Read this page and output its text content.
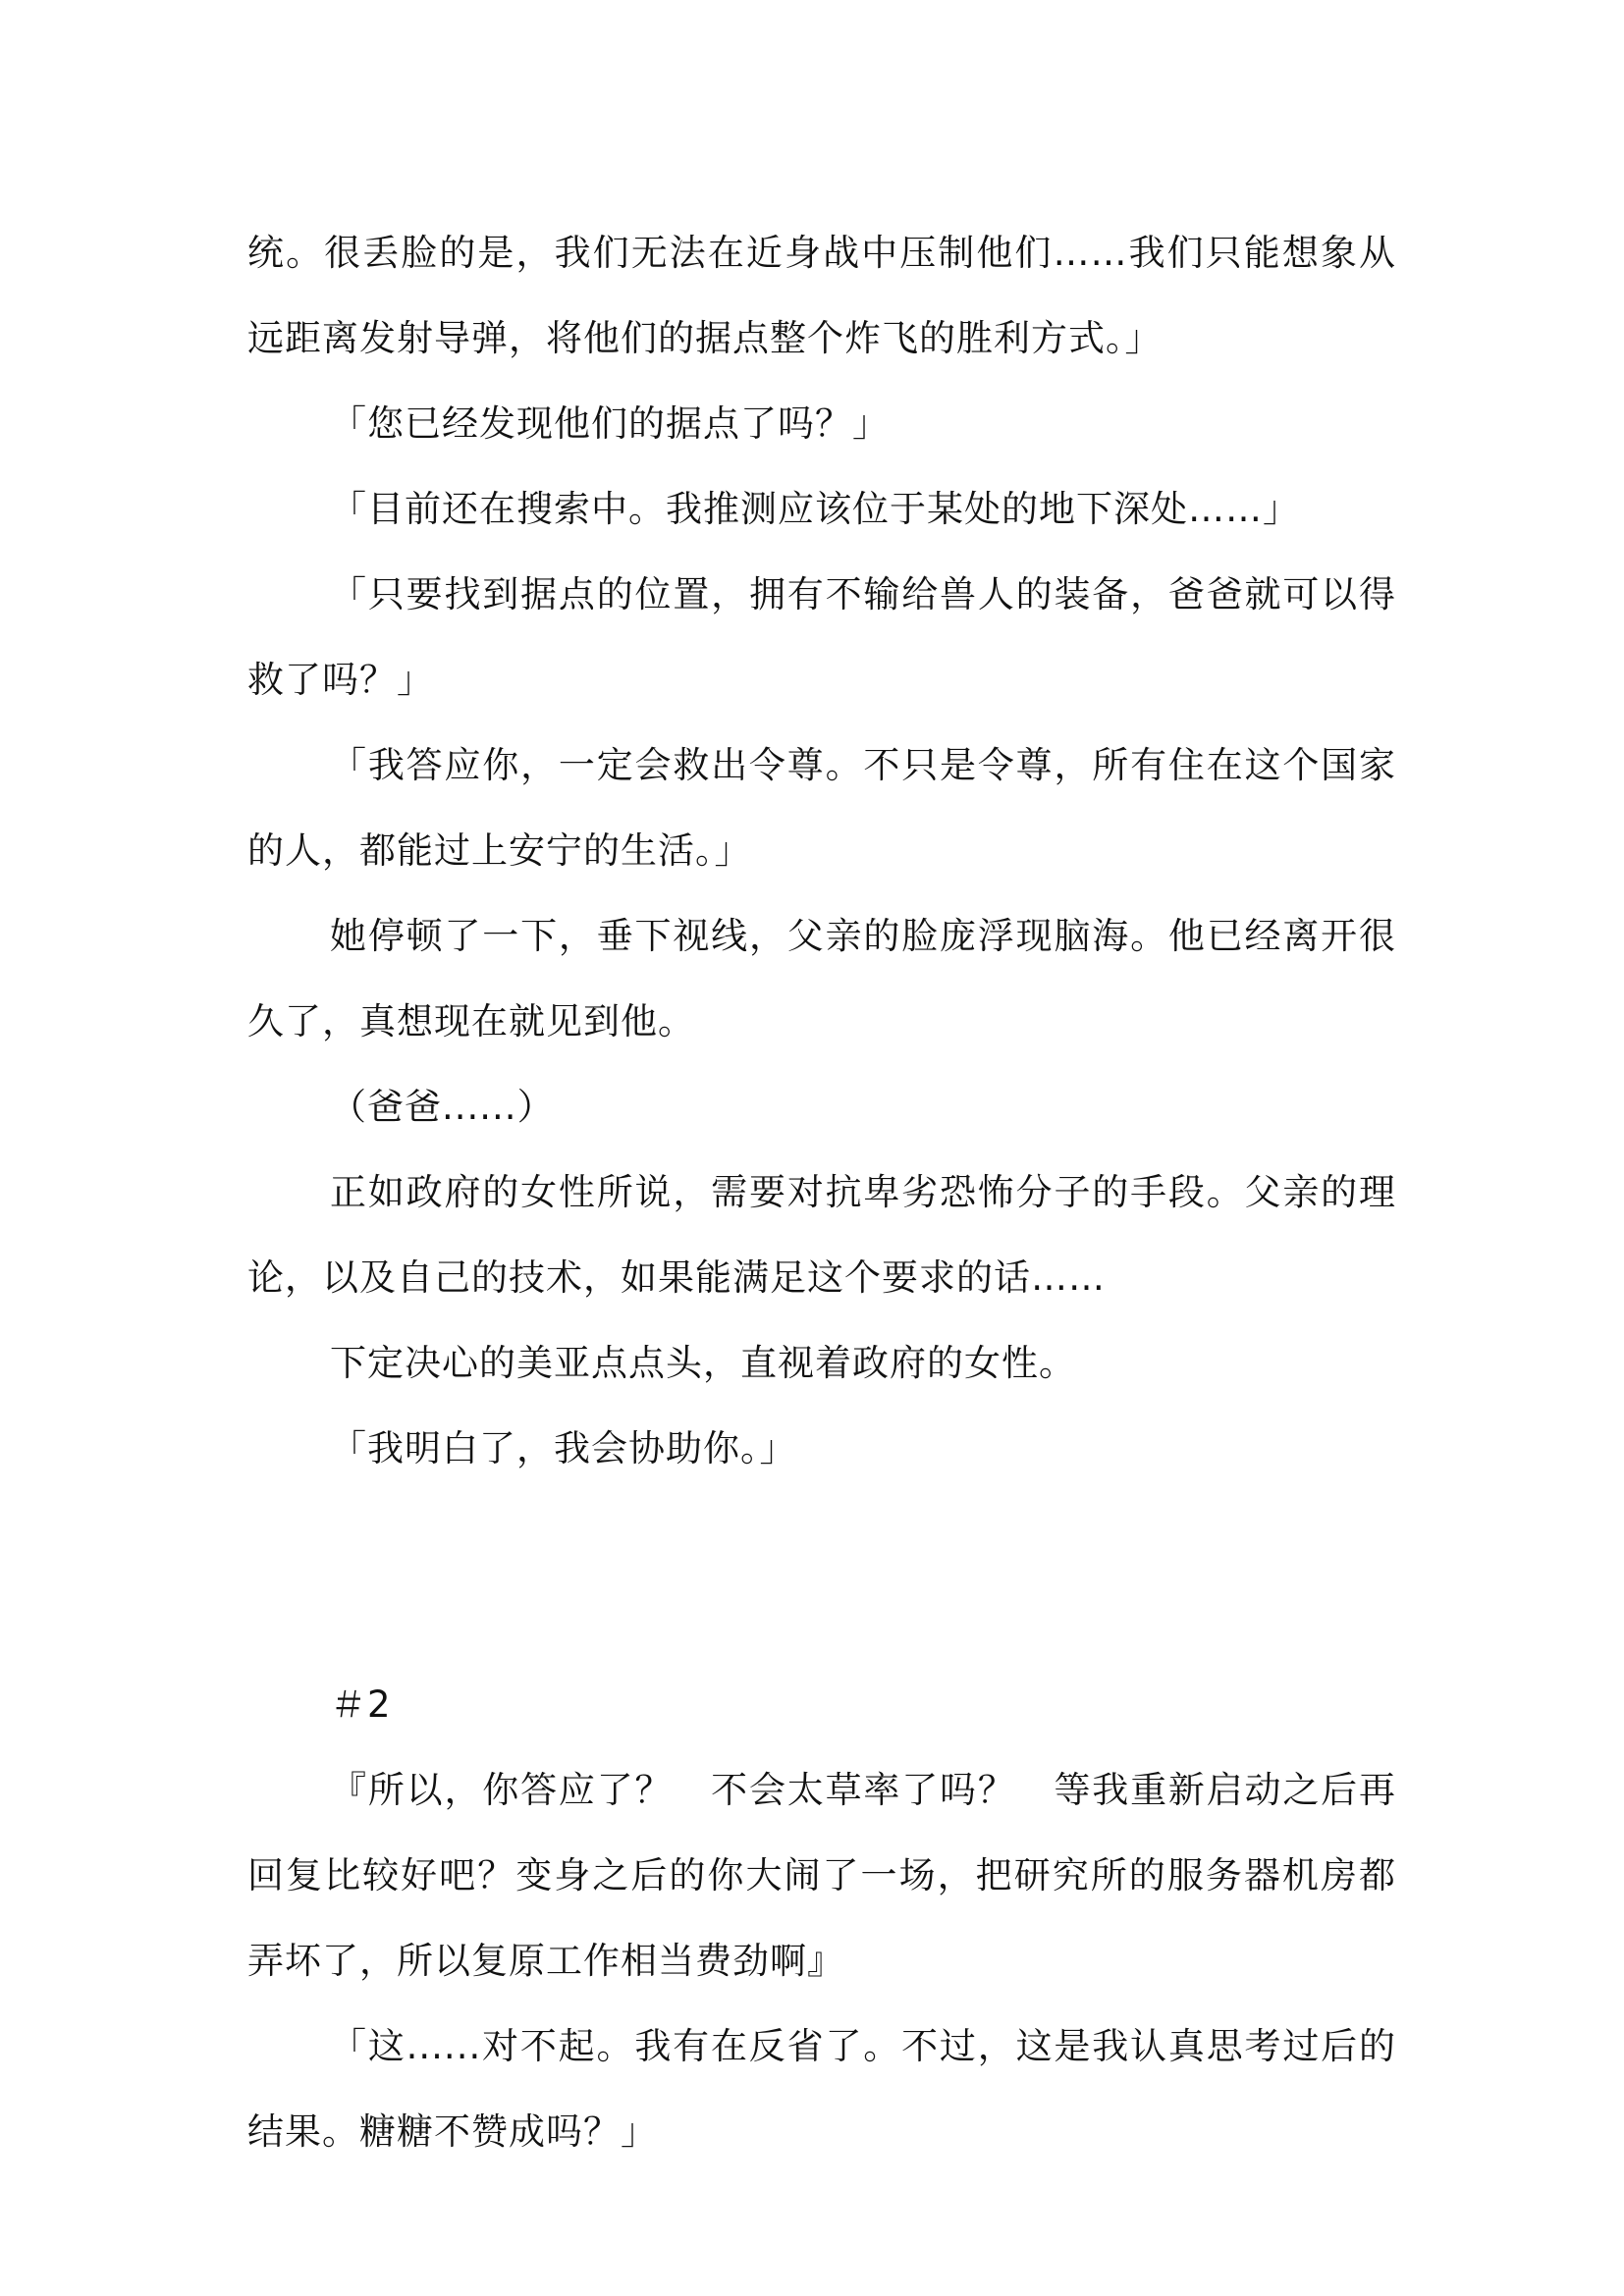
统。很丢脸的是，我们无法在近身战中压制他们……我们只能想象从远距离发射导弹，将他们的据点整个炸飞的胜利方式。」

「您已经发现他们的据点了吗？」

「目前还在搜索中。我推测应该位于某处的地下深处……」

「只要找到据点的位置，拥有不输给兽人的装备，爸爸就可以得救了吗？」

「我答应你，一定会救出令尊。不只是令尊，所有住在这个国家的人，都能过上安宁的生活。」

她停顿了一下，垂下视线，父亲的脸庞浮现脑海。他已经离开很久了，真想现在就见到他。

（爸爸......）

正如政府的女性所说，需要对抗卑劣恐怖分子的手段。父亲的理论，以及自己的技术，如果能满足这个要求的话……

下定决心的美亚点点头，直视着政府的女性。

「我明白了，我会协助你。」

＃2

『所以，你答应了？　不会太草率了吗？　等我重新启动之后再回复比较好吧？变身之后的你大闹了一场，把研究所的服务器机房都弄坏了，所以复原工作相当费劲啊』

「这......对不起。我有在反省了。不过，这是我认真思考过后的结果。糖糖不赞成吗？」
